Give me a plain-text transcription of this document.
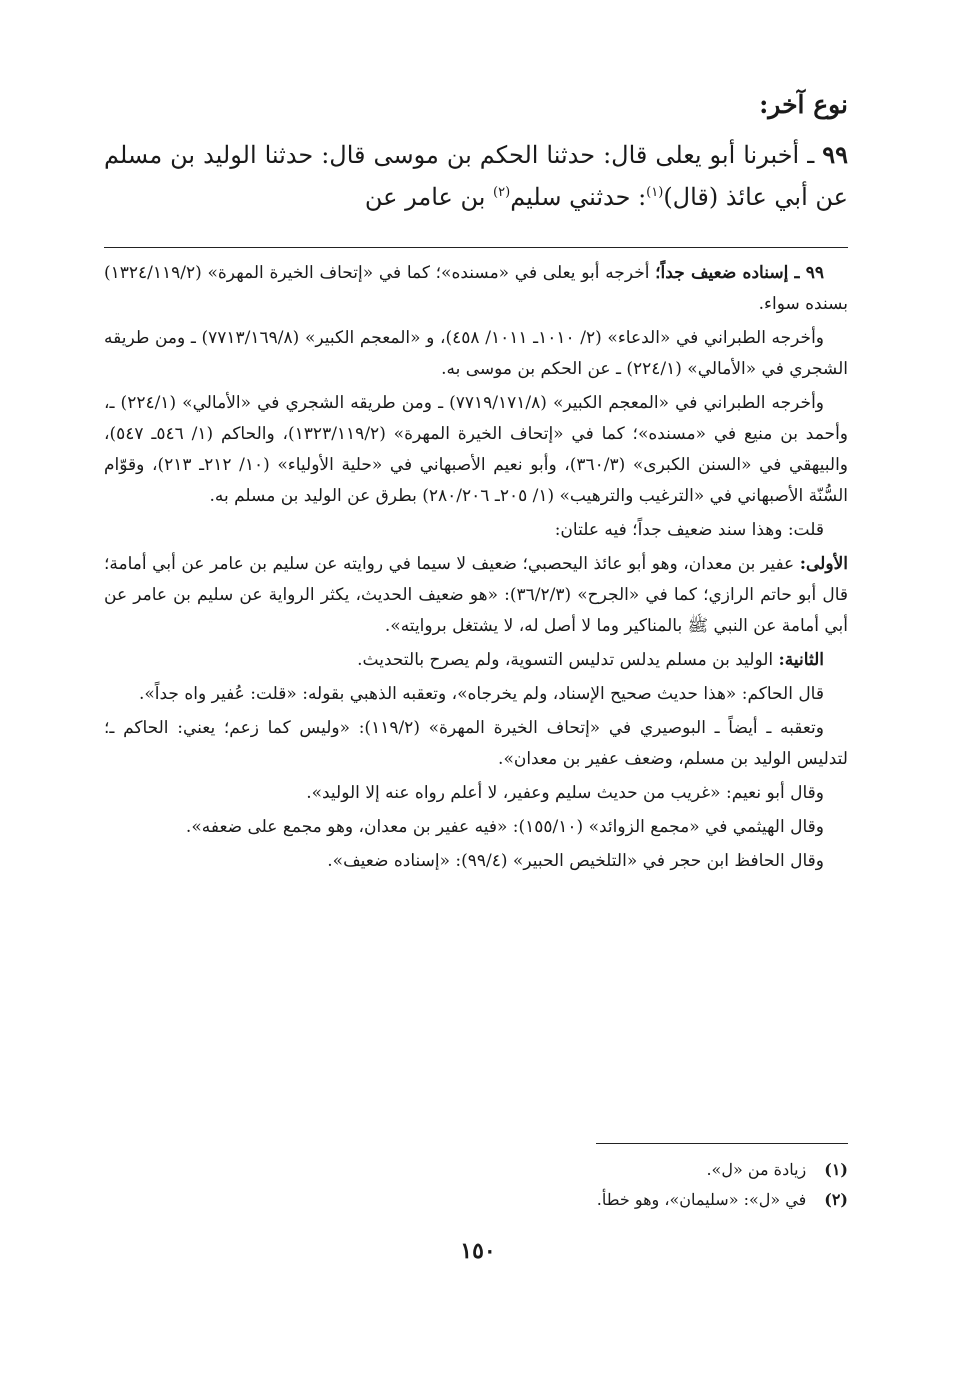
نوع آخر:

٩٩ ـ أخبرنا أبو يعلى قال: حدثنا الحكم بن موسى قال: حدثنا الوليد بن مسلم عن أبي عائذ (قال)$^{(١)}$: حدثني سليم$^{(٢)}$ بن عامر عن

٩٩ ـ إسناده ضعيف جداً؛ أخرجه أبو يعلى في «مسنده»؛ كما في «إتحاف الخيرة المهرة» (١٣٢٤/١١٩/٢) بسنده سواء.

وأخرجه الطبراني في «الدعاء» (٢/ ١٠١٠ـ ١٠١١/ ٤٥٨)، و «المعجم الكبير» (٧٧١٣/١٦٩/٨) ـ ومن طريقه الشجري في «الأمالي» (٢٢٤/١) ـ عن الحكم بن موسى به.

وأخرجه الطبراني في «المعجم الكبير» (٧٧١٩/١٧١/٨) ـ ومن طريقه الشجري في «الأمالي» (٢٢٤/١) ـ، وأحمد بن منيع في «مسنده»؛ كما في «إتحاف الخيرة المهرة» (١٣٢٣/١١٩/٢)، والحاكم (١/ ٥٤٦ـ ٥٤٧)، والبيهقي في «السنن الكبرى» (٣٦٠/٣)، وأبو نعيم الأصبهاني في «حلية الأولياء» (١٠/ ٢١٢ـ ٢١٣)، وقوّام السُّنّة الأصبهاني في «الترغيب والترهيب» (١/ ٢٠٥ـ ٢٨٠/٢٠٦) بطرق عن الوليد بن مسلم به.

قلت: وهذا سند ضعيف جداً؛ فيه علتان:

الأولى: عفير بن معدان، وهو أبو عائذ اليحصبي؛ ضعيف لا سيما في روايته عن سليم بن عامر عن أبي أمامة؛ قال أبو حاتم الرازي؛ كما في «الجرح» (٣٦/٢/٣): «هو ضعيف الحديث، يكثر الرواية عن سليم بن عامر عن أبي أمامة عن النبي ﷺ بالمناكير وما لا أصل له، لا يشتغل بروايته».

الثانية: الوليد بن مسلم يدلس تدليس التسوية، ولم يصرح بالتحديث.

قال الحاكم: «هذا حديث صحيح الإسناد، ولم يخرجاه»، وتعقبه الذهبي بقوله: «قلت: عُفير واه جداً».

وتعقبه ـ أيضاً ـ البوصيري في «إتحاف الخيرة المهرة» (١١٩/٢): «وليس كما زعم؛ يعني: الحاكم ـ؛ لتدليس الوليد بن مسلم، وضعف عفير بن معدان».

وقال أبو نعيم: «غريب من حديث سليم وعفير، لا أعلم رواه عنه إلا الوليد».

وقال الهيثمي في «مجمع الزوائد» (١٥٥/١٠): «فيه عفير بن معدان، وهو مجمع على ضعفه».

وقال الحافظ ابن حجر في «التلخيص الحبير» (٩٩/٤): «إسناده ضعيف».

(١)زيادة من «ل».
(٢)في «ل»: «سليمان»، وهو خطأ.
١٥٠
